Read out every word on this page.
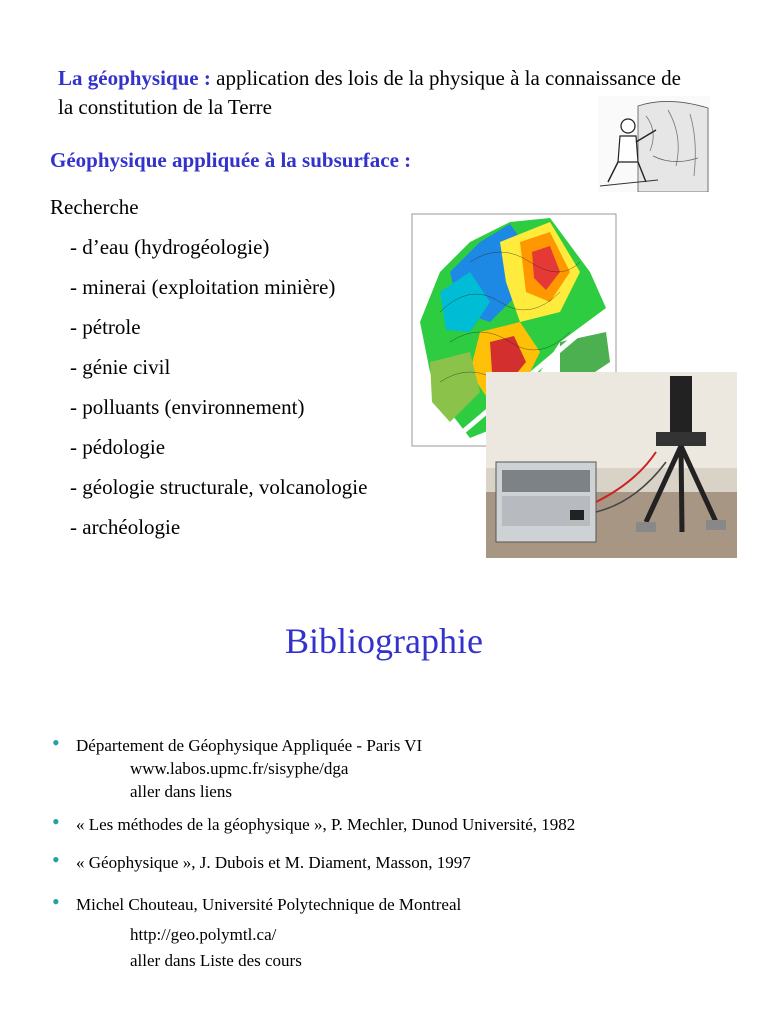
La géophysique : application des lois de la physique à la connaissance de la constitution de la Terre
Géophysique appliquée à la subsurface :
Recherche
- d’eau (hydrogéologie)
- minerai (exploitation minière)
- pétrole
- génie civil
- polluants (environnement)
- pédologie
- géologie structurale, volcanologie
- archéologie
Bibliographie
• Département de Géophysique Appliquée - Paris VI
www.labos.upmc.fr/sisyphe/dga
aller dans liens
• « Les méthodes de la géophysique », P. Mechler, Dunod Université, 1982
• « Géophysique », J. Dubois et M. Diament, Masson, 1997
• Michel Chouteau, Université Polytechnique de Montreal
http://geo.polymtl.ca/
aller dans Liste des cours
